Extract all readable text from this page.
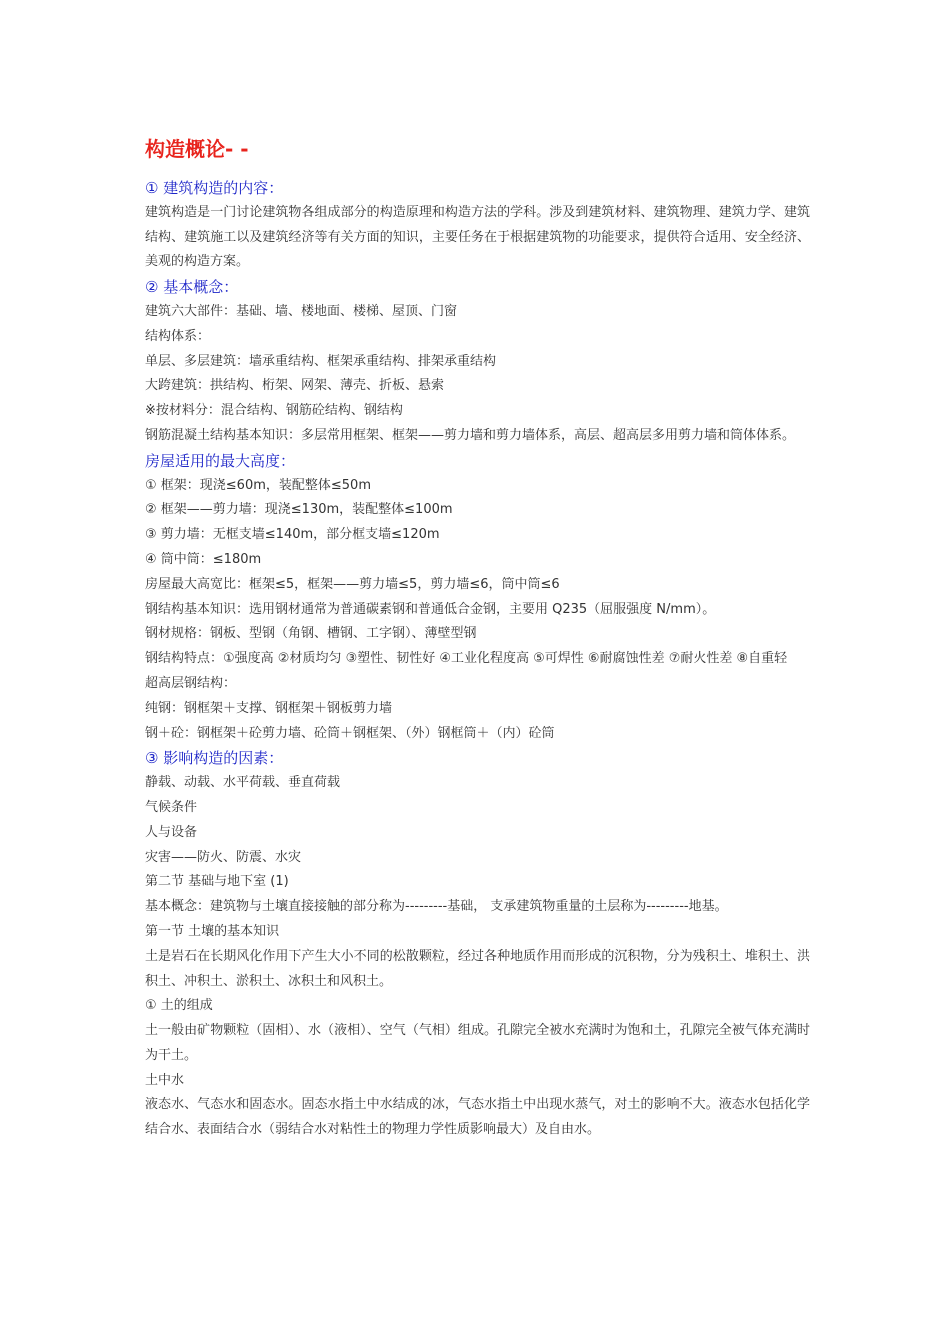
构造概论- -
① 建筑构造的内容：
建筑构造是一门讨论建筑物各组成部分的构造原理和构造方法的学科。涉及到建筑材料、建筑物理、建筑力学、建筑结构、建筑施工以及建筑经济等有关方面的知识，主要任务在于根据建筑物的功能要求，提供符合适用、安全经济、美观的构造方案。
② 基本概念：
建筑六大部件：基础、墙、楼地面、楼梯、屋顶、门窗
结构体系：
单层、多层建筑：墙承重结构、框架承重结构、排架承重结构
大跨建筑：拱结构、桁架、网架、薄壳、折板、悬索
※按材料分：混合结构、钢筋砼结构、钢结构
钢筋混凝土结构基本知识：多层常用框架、框架——剪力墙和剪力墙体系，高层、超高层多用剪力墙和筒体体系。
房屋适用的最大高度：
① 框架：现浇≤60m，装配整体≤50m
② 框架——剪力墙：现浇≤130m，装配整体≤100m
③ 剪力墙：无框支墙≤140m，部分框支墙≤120m
④ 筒中筒：≤180m
房屋最大高宽比：框架≤5，框架——剪力墙≤5，剪力墙≤6，筒中筒≤6
钢结构基本知识：选用钢材通常为普通碳素钢和普通低合金钢，主要用 Q235（屈服强度 N/mm）。
钢材规格：钢板、型钢（角钢、槽钢、工字钢）、薄壁型钢
钢结构特点：①强度高 ②材质均匀 ③塑性、韧性好 ④工业化程度高 ⑤可焊性 ⑥耐腐蚀性差 ⑦耐火性差 ⑧自重轻
超高层钢结构：
纯钢：钢框架＋支撑、钢框架＋钢板剪力墙
钢＋砼：钢框架＋砼剪力墙、砼筒＋钢框架、（外）钢框筒＋（内）砼筒
③ 影响构造的因素：
静载、动载、水平荷载、垂直荷载
气候条件
人与设备
灾害——防火、防震、水灾
第二节 基础与地下室 (1)
基本概念：建筑物与土壤直接接触的部分称为---------基础， 支承建筑物重量的土层称为---------地基。
第一节 土壤的基本知识
土是岩石在长期风化作用下产生大小不同的松散颗粒，经过各种地质作用而形成的沉积物，分为残积土、堆积土、洪积土、冲积土、淤积土、冰积土和风积土。
① 土的组成
土一般由矿物颗粒（固相）、水（液相）、空气（气相）组成。孔隙完全被水充满时为饱和土，孔隙完全被气体充满时为干土。
土中水
液态水、气态水和固态水。固态水指土中水结成的冰，气态水指土中出现水蒸气，对土的影响不大。液态水包括化学结合水、表面结合水（弱结合水对粘性土的物理力学性质影响最大）及自由水。
